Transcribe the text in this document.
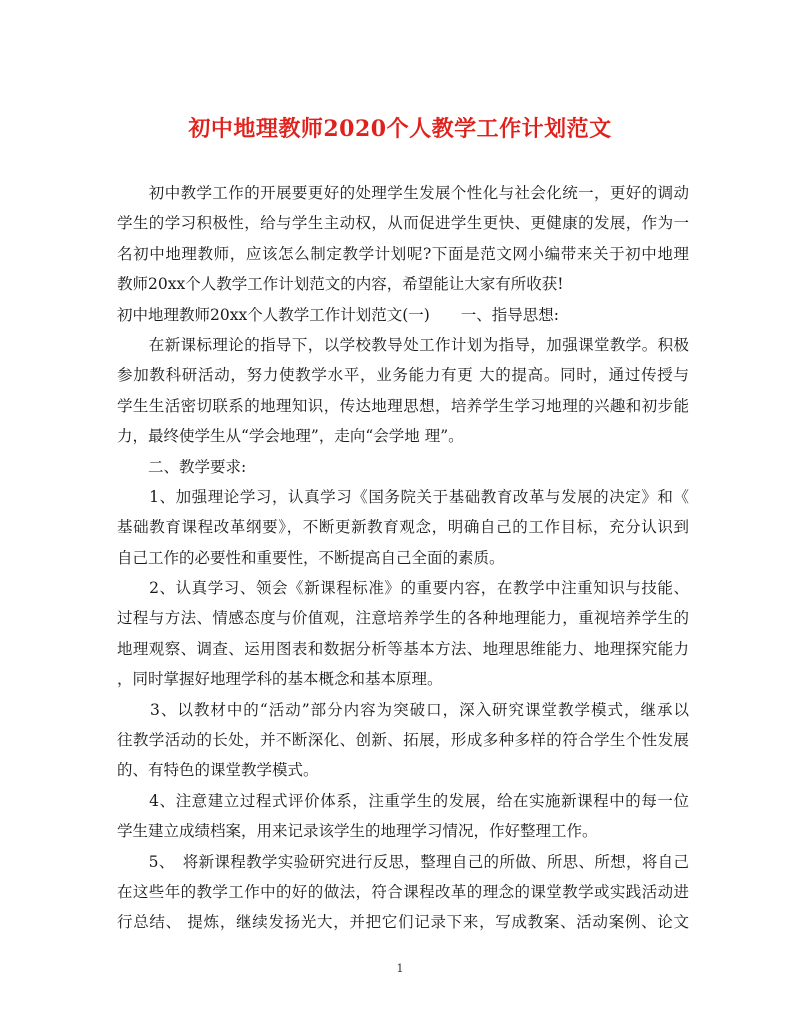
初中地理教师2020个人教学工作计划范文
　　初中教学工作的开展要更好的处理学生发展个性化与社会化统一，更好的调动
学生的学习积极性，给与学生主动权，从而促进学生更快、更健康的发展，作为一
名初中地理教师，应该怎么制定教学计划呢?下面是范文网小编带来关于初中地理
教师20xx个人教学工作计划范文的内容，希望能让大家有所收获!
初中地理教师20xx个人教学工作计划范文(一)　　一、指导思想:
　　在新课标理论的指导下，以学校教导处工作计划为指导，加强课堂教学。积极
参加教科研活动，努力使教学水平，业务能力有更 大的提高。同时，通过传授与
学生生活密切联系的地理知识，传达地理思想，培养学生学习地理的兴趣和初步能
力，最终使学生从“学会地理”，走向“会学地 理”。
　　二、教学要求:
　　1、加强理论学习，认真学习《国务院关于基础教育改革与发展的决定》和《
基础教育课程改革纲要》，不断更新教育观念，明确自己的工作目标，充分认识到
自己工作的必要性和重要性，不断提高自己全面的素质。
　　2、认真学习、领会《新课程标准》的重要内容，在教学中注重知识与技能、
过程与方法、情感态度与价值观，注意培养学生的各种地理能力，重视培养学生的
地理观察、调查、运用图表和数据分析等基本方法、地理思维能力、地理探究能力
，同时掌握好地理学科的基本概念和基本原理。
　　3、以教材中的“活动”部分内容为突破口，深入研究课堂教学模式，继承以
往教学活动的长处，并不断深化、创新、拓展，形成多种多样的符合学生个性发展
的、有特色的课堂教学模式。
　　4、注意建立过程式评价体系，注重学生的发展，给在实施新课程中的每一位
学生建立成绩档案，用来记录该学生的地理学习情况，作好整理工作。
　　5、　将新课程教学实验研究进行反思，整理自己的所做、所思、所想，将自己
在这些年的教学工作中的好的做法，符合课程改革的理念的课堂教学或实践活动进
行总结、 提炼，继续发扬光大，并把它们记录下来，写成教案、活动案例、论文
1
